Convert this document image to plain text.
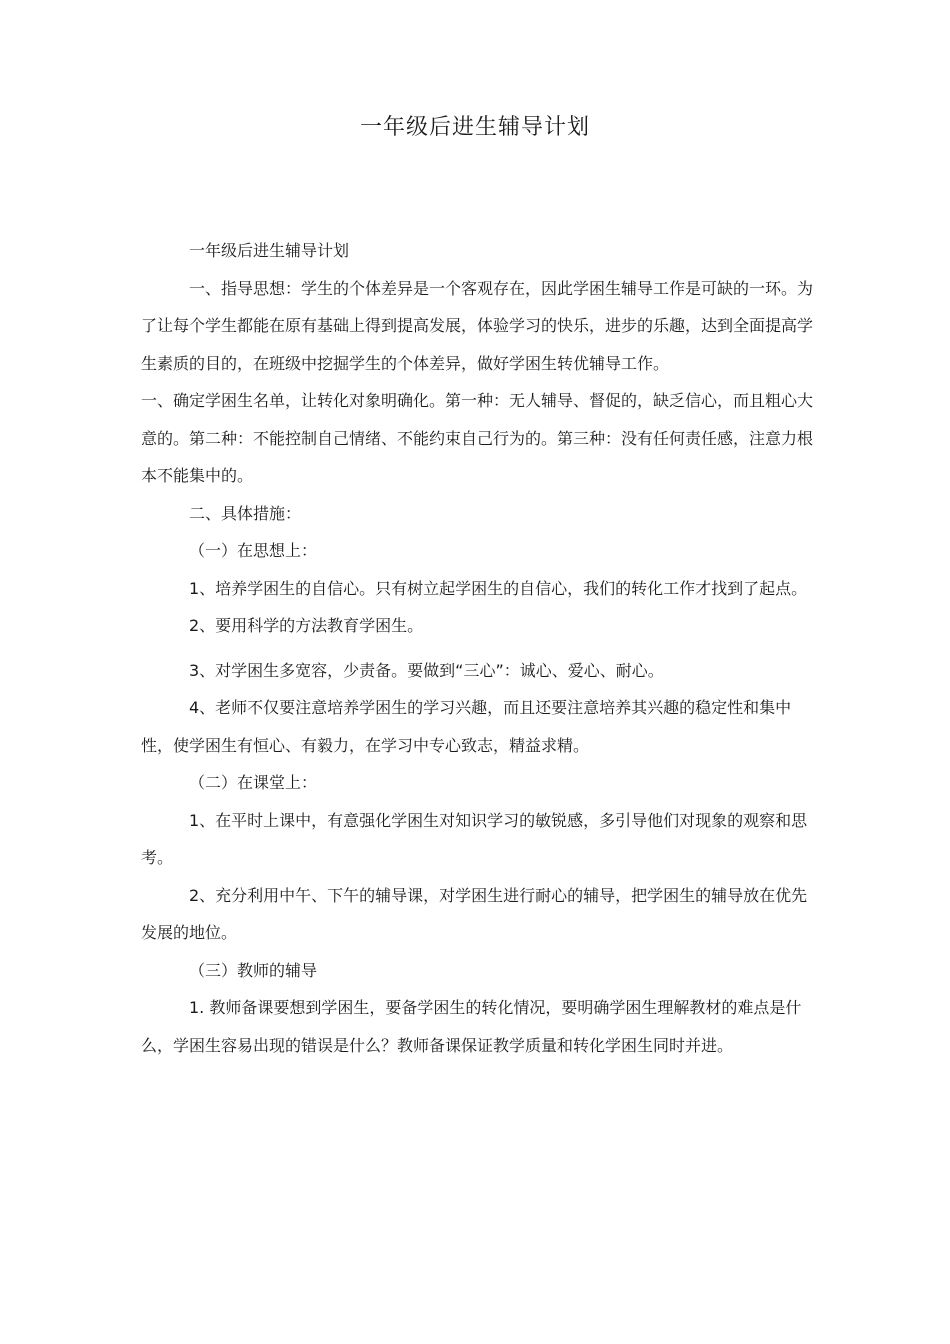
一年级后进生辅导计划

一年级后进生辅导计划

一、指导思想：学生的个体差异是一个客观存在，因此学困生辅导工作是可缺的一环。为了让每个学生都能在原有基础上得到提高发展，体验学习的快乐，进步的乐趣，达到全面提高学生素质的目的，在班级中挖掘学生的个体差异，做好学困生转优辅导工作。

一、确定学困生名单，让转化对象明确化。第一种：无人辅导、督促的，缺乏信心，而且粗心大意的。第二种：不能控制自己情绪、不能约束自己行为的。第三种：没有任何责任感，注意力根本不能集中的。

二、具体措施：

（一）在思想上：

1、培养学困生的自信心。只有树立起学困生的自信心，我们的转化工作才找到了起点。

2、要用科学的方法教育学困生。

3、对学困生多宽容，少责备。要做到“三心”：诚心、爱心、耐心。

4、老师不仅要注意培养学困生的学习兴趣，而且还要注意培养其兴趣的稳定性和集中性，使学困生有恒心、有毅力，在学习中专心致志，精益求精。

（二）在课堂上：

1、在平时上课中，有意强化学困生对知识学习的敏锐感，多引导他们对现象的观察和思考。

2、充分利用中午、下午的辅导课，对学困生进行耐心的辅导，把学困生的辅导放在优先发展的地位。

（三）教师的辅导

1. 教师备课要想到学困生，要备学困生的转化情况，要明确学困生理解教材的难点是什么，学困生容易出现的错误是什么？教师备课保证教学质量和转化学困生同时并进。
